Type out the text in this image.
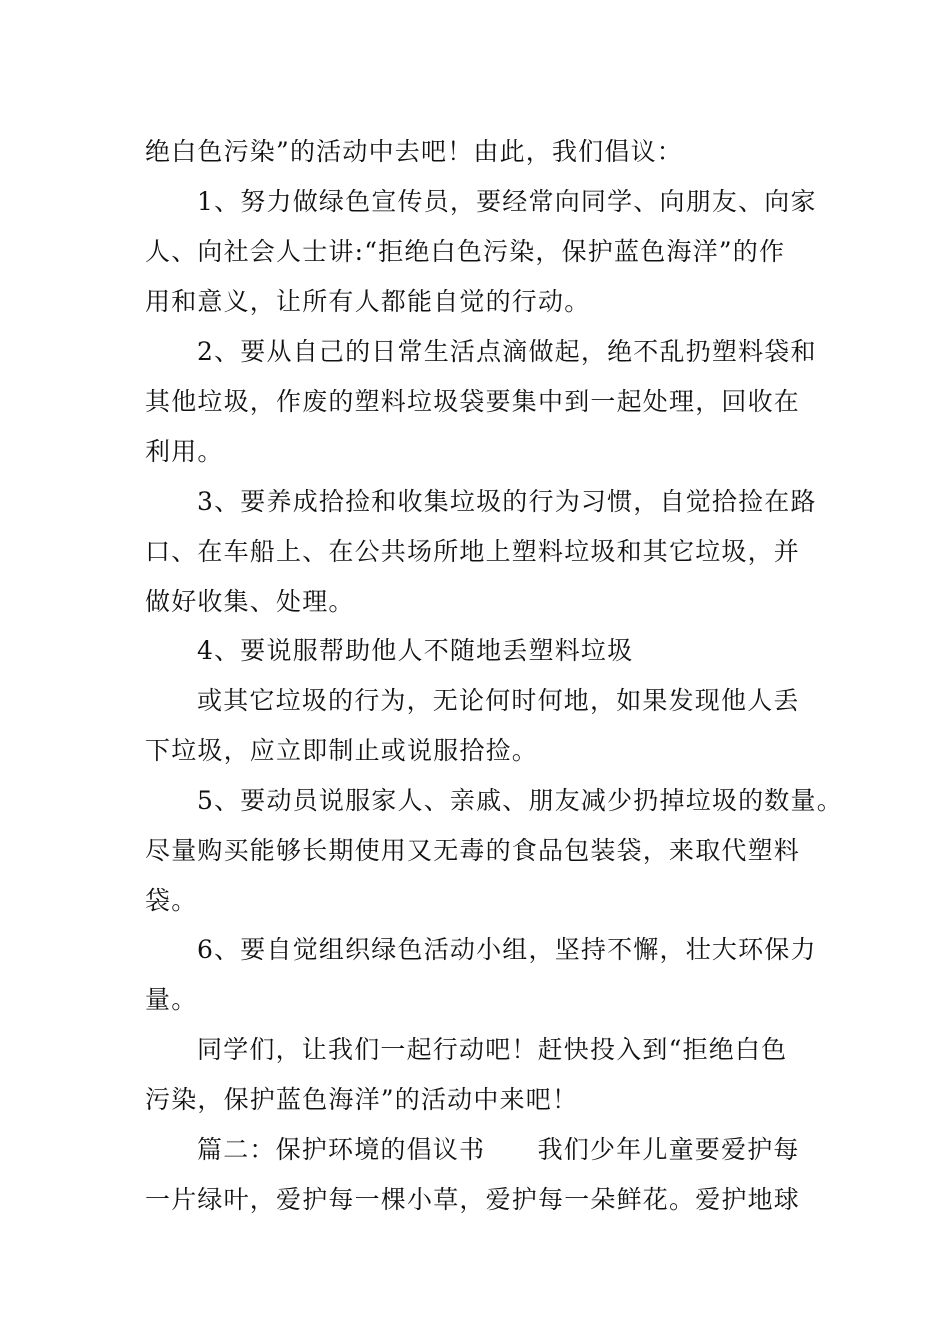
绝白色污染”的活动中去吧！由此，我们倡议：
1、努力做绿色宣传员，要经常向同学、向朋友、向家
人、向社会人士讲:“拒绝白色污染，保护蓝色海洋”的作
用和意义，让所有人都能自觉的行动。
2、要从自己的日常生活点滴做起，绝不乱扔塑料袋和
其他垃圾，作废的塑料垃圾袋要集中到一起处理，回收在
利用。
3、要养成拾捡和收集垃圾的行为习惯，自觉拾捡在路
口、在车船上、在公共场所地上塑料垃圾和其它垃圾，并
做好收集、处理。
4、要说服帮助他人不随地丢塑料垃圾
或其它垃圾的行为，无论何时何地，如果发现他人丢
下垃圾，应立即制止或说服拾捡。
5、要动员说服家人、亲戚、朋友减少扔掉垃圾的数量。
尽量购买能够长期使用又无毒的食品包装袋，来取代塑料
袋。
6、要自觉组织绿色活动小组，坚持不懈，壮大环保力
量。
同学们，让我们一起行动吧！赶快投入到“拒绝白色
污染，保护蓝色海洋”的活动中来吧！
篇二：保护环境的倡议书　　我们少年儿童要爱护每
一片绿叶，爱护每一棵小草，爱护每一朵鲜花。爱护地球
